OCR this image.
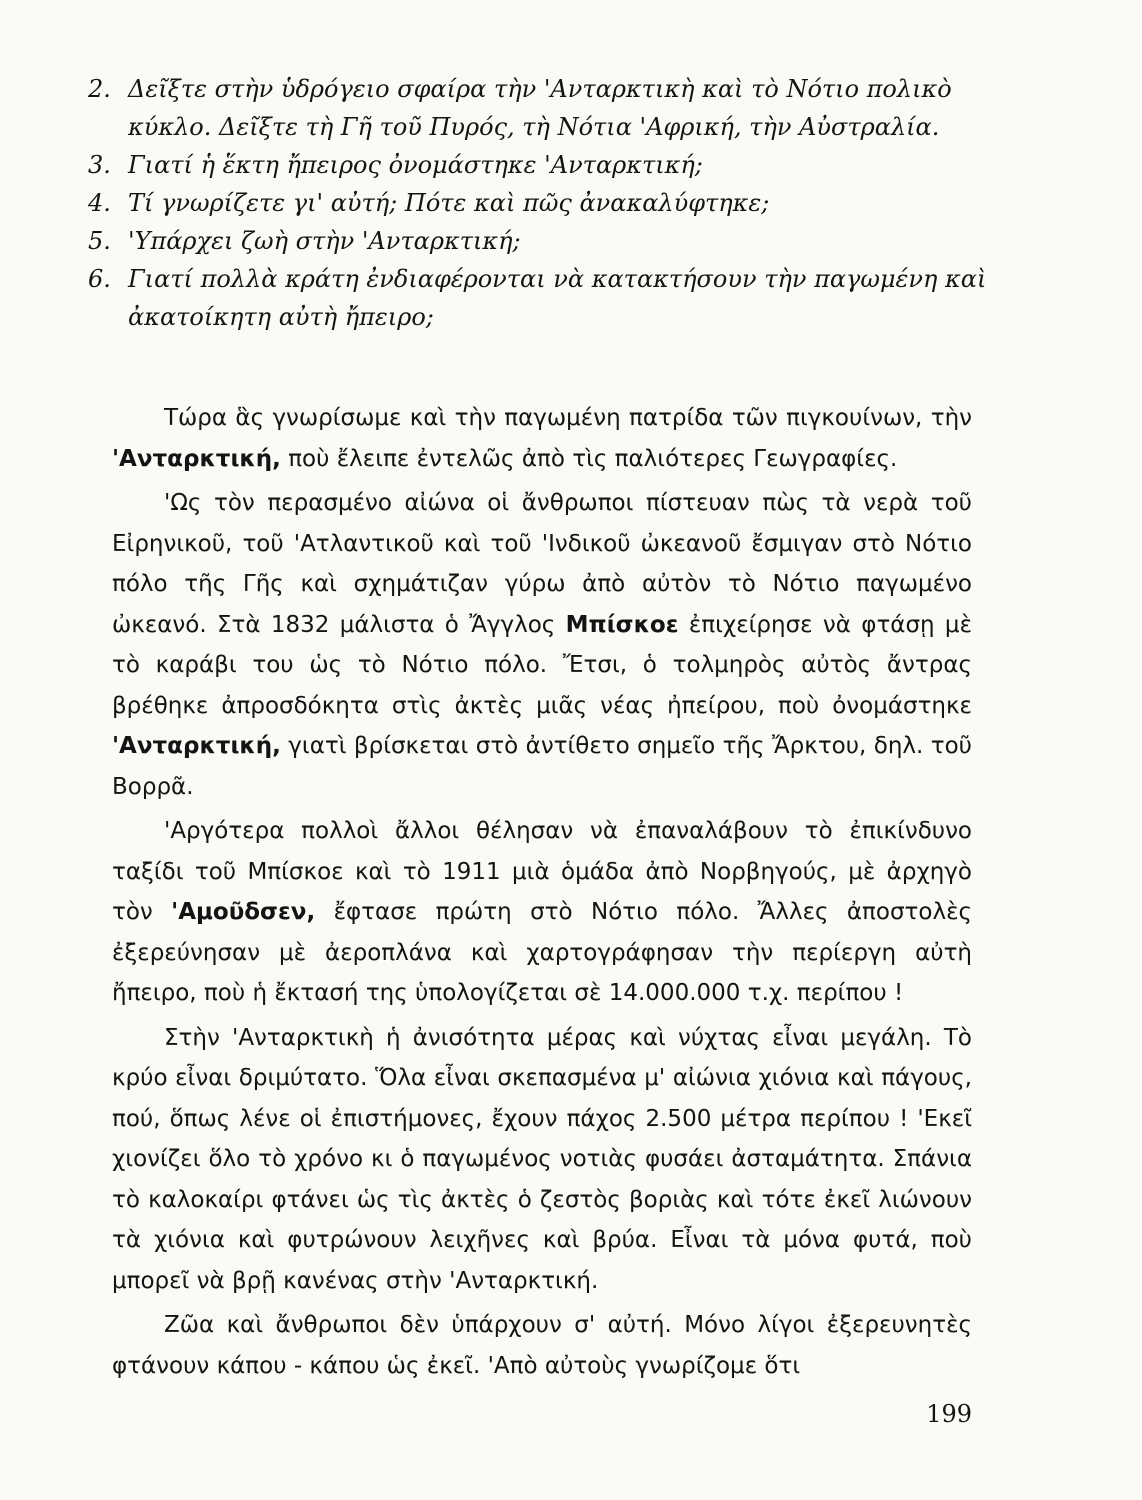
2. Δεῖξτε στὴν ὑδρόγειο σφαίρα τὴν 'Ανταρκτικὴ καὶ τὸ Νότιο πολικὸ κύκλο. Δεῖξτε τὴ Γῆ τοῦ Πυρός, τὴ Νότια 'Αφρική, τὴν Αὐστραλία.
3. Γιατί ἡ ἕκτη ἤπειρος ὀνομάστηκε 'Ανταρκτική;
4. Τί γνωρίζετε γι' αὐτή; Πότε καὶ πῶς ἀνακαλύφτηκε;
5. 'Υπάρχει ζωὴ στὴν 'Ανταρκτική;
6. Γιατί πολλὰ κράτη ἐνδιαφέρονται νὰ κατακτήσουν τὴν παγωμένη καὶ ἀκατοίκητη αὐτὴ ἤπειρο;

Τώρα ἃς γνωρίσωμε καὶ τὴν παγωμένη πατρίδα τῶν πιγκουίνων, τὴν 'Ανταρκτική, ποὺ ἔλειπε ἐντελῶς ἀπὸ τὶς παλιότερες Γεωγραφίες.

'Ως τὸν περασμένο αἰώνα οἱ ἄνθρωποι πίστευαν πὼς τὰ νερὰ τοῦ Εἰρηνικοῦ, τοῦ 'Ατλαντικοῦ καὶ τοῦ 'Ινδικοῦ ὠκεανοῦ ἔσμιγαν στὸ Νότιο πόλο τῆς Γῆς καὶ σχημάτιζαν γύρω ἀπὸ αὐτὸν τὸ Νότιο παγωμένο ὠκεανό. Στὰ 1832 μάλιστα ὁ Ἄγγλος Μπίσκοε ἐπιχείρησε νὰ φτάσῃ μὲ τὸ καράβι του ὡς τὸ Νότιο πόλο. Ἔτσι, ὁ τολμηρὸς αὐτὸς ἄντρας βρέθηκε ἀπροσδόκητα στὶς ἀκτὲς μιᾶς νέας ἠπείρου, ποὺ ὀνομάστηκε 'Ανταρκτική, γιατὶ βρίσκεται στὸ ἀντίθετο σημεῖο τῆς Ἄρκτου, δηλ. τοῦ Βορρᾶ.

'Αργότερα πολλοὶ ἄλλοι θέλησαν νὰ ἐπαναλάβουν τὸ ἐπικίνδυνο ταξίδι τοῦ Μπίσκοε καὶ τὸ 1911 μιὰ ὁμάδα ἀπὸ Νορβηγούς, μὲ ἀρχηγὸ τὸν 'Αμοῦδσεν, ἔφτασε πρώτη στὸ Νότιο πόλο. Ἄλλες ἀποστολὲς ἐξερεύνησαν μὲ ἀεροπλάνα καὶ χαρτογράφησαν τὴν περίεργη αὐτὴ ἤπειρο, ποὺ ἡ ἔκτασή της ὑπολογίζεται σὲ 14.000.000 τ.χ. περίπου !

Στὴν 'Ανταρκτικὴ ἡ ἀνισότητα μέρας καὶ νύχτας εἶναι μεγάλη. Τὸ κρύο εἶναι δριμύτατο. Ὅλα εἶναι σκεπασμένα μ' αἰώνια χιόνια καὶ πάγους, πού, ὅπως λένε οἱ ἐπιστήμονες, ἔχουν πάχος 2.500 μέτρα περίπου ! 'Εκεῖ χιονίζει ὅλο τὸ χρόνο κι ὁ παγωμένος νοτιὰς φυσάει ἀσταμάτητα. Σπάνια τὸ καλοκαίρι φτάνει ὡς τὶς ἀκτὲς ὁ ζεστὸς βοριὰς καὶ τότε ἐκεῖ λιώνουν τὰ χιόνια καὶ φυτρώνουν λειχῆνες καὶ βρύα. Εἶναι τὰ μόνα φυτά, ποὺ μπορεῖ νὰ βρῇ κανένας στὴν 'Ανταρκτική.

Ζῶα καὶ ἄνθρωποι δὲν ὑπάρχουν σ' αὐτή. Μόνο λίγοι ἐξερευνητὲς φτάνουν κάπου - κάπου ὡς ἐκεῖ. 'Απὸ αὐτοὺς γνωρίζομε ὅτι

199
